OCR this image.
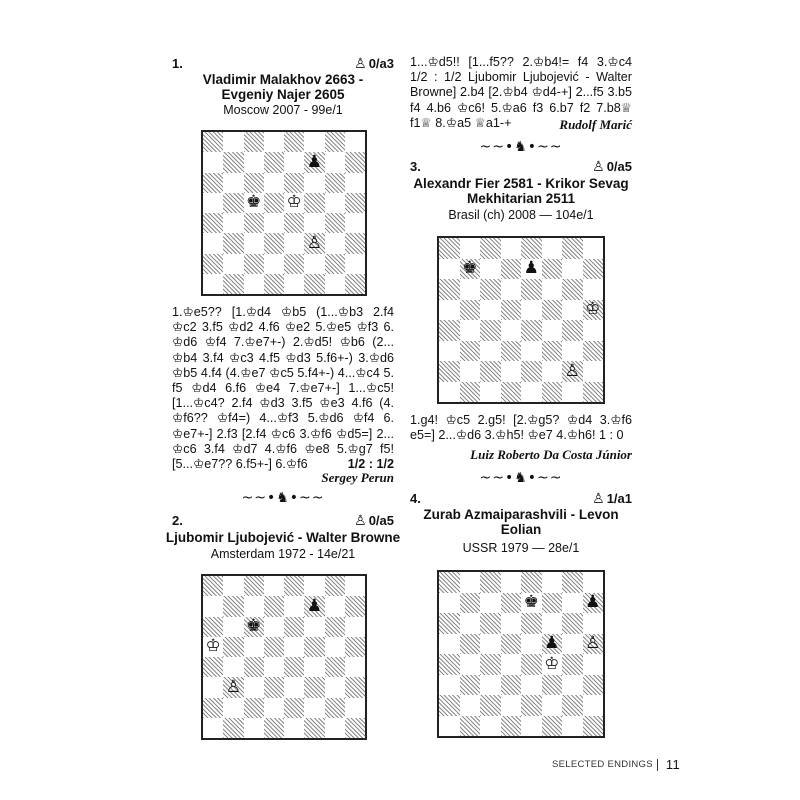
1.	♙ 0/a3
Vladimir Malakhov 2663 -
Evgeniy Najer 2605
Moscow 2007 - 99e/1
♟
♚ ♔
♙
1.♔e5?? [1.♔d4 ♔b5 (1...♔b3 2.f4 ♔c2 3.f5 ♔d2 4.f6 ♔e2 5.♔e5 ♔f3 6. ♔d6 ♔f4 7.♔e7+-) 2.♔d5! ♔b6 (2... ♔b4 3.f4 ♔c3 4.f5 ♔d3 5.f6+-) 3.♔d6 ♔b5 4.f4 (4.♔e7 ♔c5 5.f4+-) 4...♔c4 5. f5 ♔d4 6.f6 ♔e4 7.♔e7+-] 1...♔c5! [1...♔c4? 2.f4 ♔d3 3.f5 ♔e3 4.f6 (4. ♔f6?? ♔f4=) 4...♔f3 5.♔d6 ♔f4 6. ♔e7+-] 2.f3 [2.f4 ♔c6 3.♔f6 ♔d5=] 2... ♔c6 3.f4 ♔d7 4.♔f6 ♔e8 5.♔g7 f5! [5...♔e7?? 6.f5+-] 6.♔f6	1/2 : 1/2
Sergey Perun
~~•♞•~~
2.	♙ 0/a5
Ljubomir Ljubojević - Walter Browne
Amsterdam 1972 - 14e/21
♟
♚
♔
♙
1...♔d5!! [1...f5?? 2.♔b4!= f4 3.♔c4 1/2 : 1/2 Ljubomir Ljubojević - Walter Browne] 2.b4 [2.♔b4 ♔d4-+] 2...f5 3.b5 f4 4.b6 ♔c6! 5.♔a6 f3 6.b7 f2 7.b8♕ f1♕ 8.♔a5 ♕a1-+	Rudolf Marić
~~•♞•~~
3.	♙ 0/a5
Alexandr Fier 2581 - Krikor Sevag
Mekhitarian 2511
Brasil (ch) 2008 — 104e/1
♚	♟
♔
♙
1.g4! ♔c5 2.g5! [2.♔g5? ♔d4 3.♔f6 e5=] 2...♔d6 3.♔h5! ♔e7 4.♔h6! 1 : 0
Luiz Roberto Da Costa Júnior
~~•♞•~~
4.	♙ 1/a1
Zurab Azmaiparashvili - Levon
Eolian
USSR 1979 — 28e/1
♚	♟
♟ ♙
♔
SELECTED ENDINGS 11
